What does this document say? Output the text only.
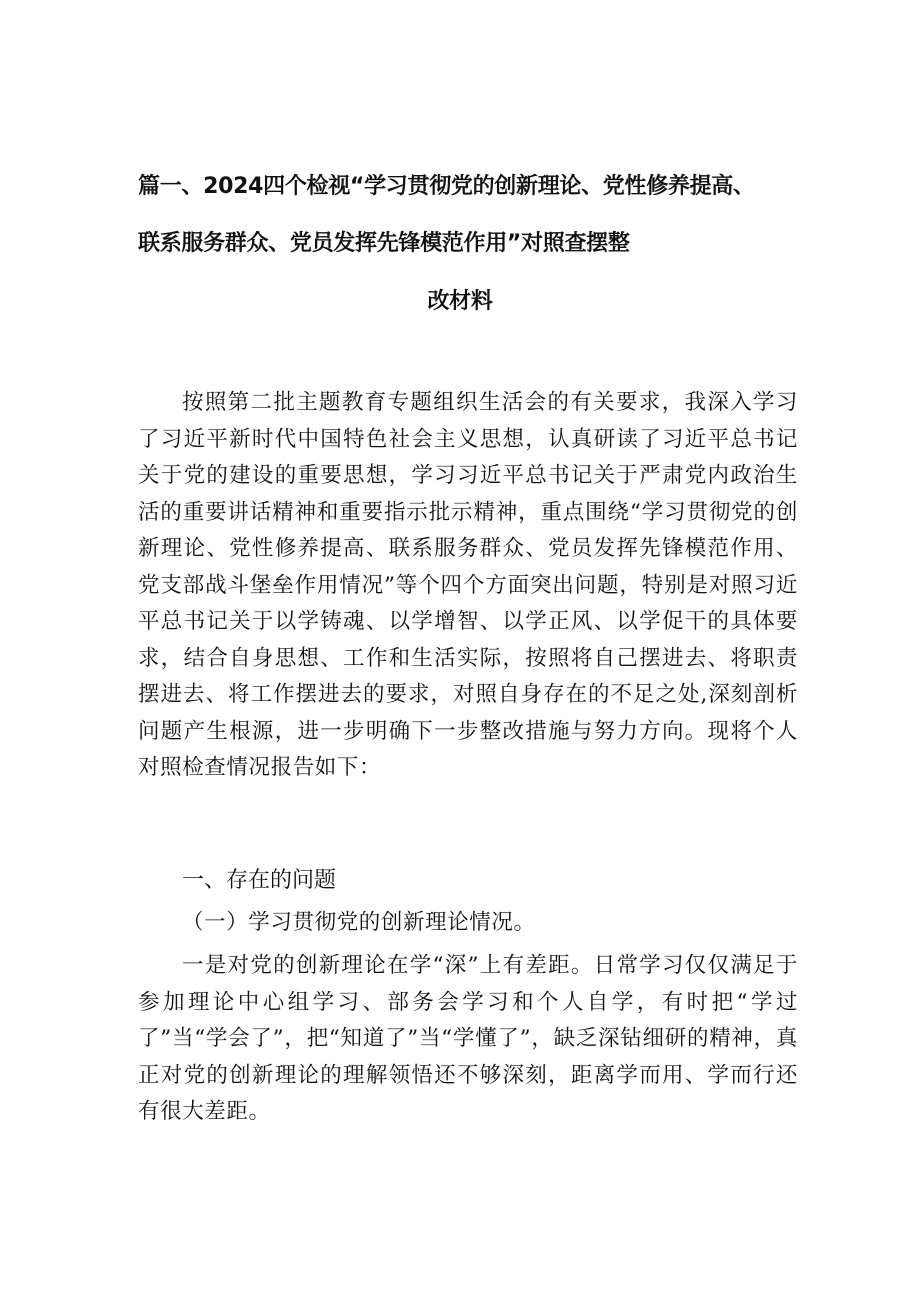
篇一、2024四个检视“学习贯彻党的创新理论、党性修养提高、
联系服务群众、党员发挥先锋模范作用”对照查摆整
改材料

按照第二批主题教育专题组织生活会的有关要求，我深入学习了习近平新时代中国特色社会主义思想，认真研读了习近平总书记关于党的建设的重要思想，学习习近平总书记关于严肃党内政治生活的重要讲话精神和重要指示批示精神，重点围绕“学习贯彻党的创新理论、党性修养提高、联系服务群众、党员发挥先锋模范作用、党支部战斗堡垒作用情况”等个四个方面突出问题，特别是对照习近平总书记关于以学铸魂、以学增智、以学正风、以学促干的具体要求，结合自身思想、工作和生活实际，按照将自己摆进去、将职责摆进去、将工作摆进去的要求，对照自身存在的不足之处,深刻剖析问题产生根源，进一步明确下一步整改措施与努力方向。现将个人对照检查情况报告如下：

一、存在的问题
（一）学习贯彻党的创新理论情况。

一是对党的创新理论在学“深”上有差距。日常学习仅仅满足于参加理论中心组学习、部务会学习和个人自学，有时把“学过了”当“学会了”，把“知道了”当“学懂了”，缺乏深钻细研的精神，真正对党的创新理论的理解领悟还不够深刻，距离学而用、学而行还有很大差距。
